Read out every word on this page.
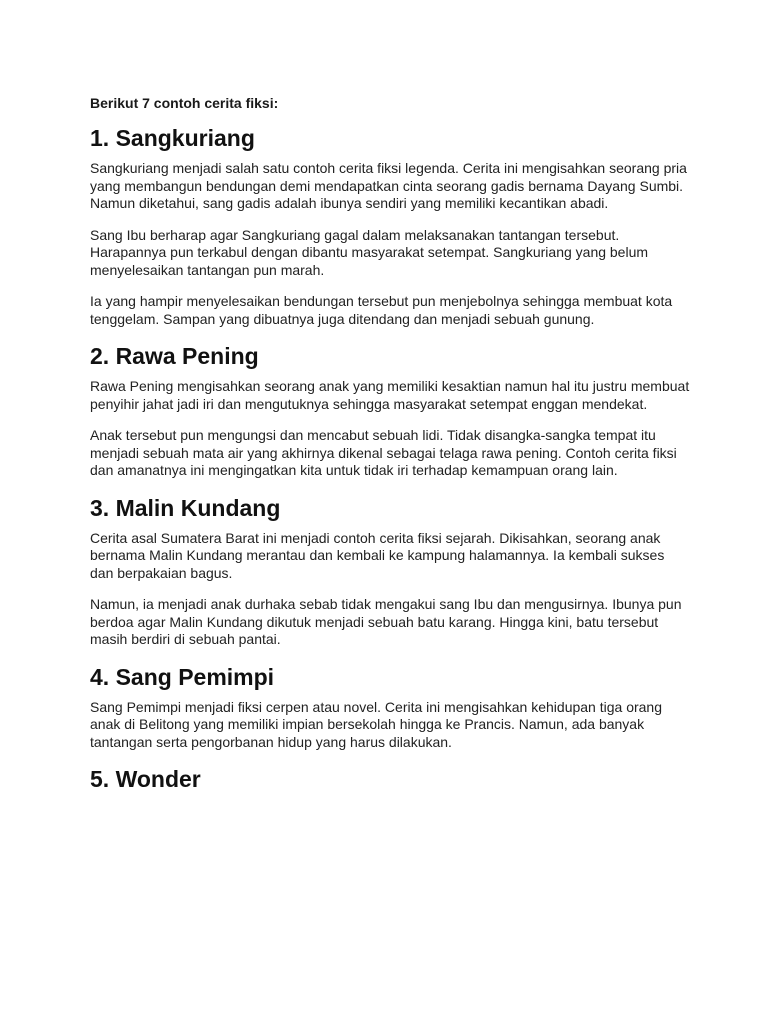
Berikut 7 contoh cerita fiksi:

1. Sangkuriang

Sangkuriang menjadi salah satu contoh cerita fiksi legenda. Cerita ini mengisahkan seorang pria yang membangun bendungan demi mendapatkan cinta seorang gadis bernama Dayang Sumbi. Namun diketahui, sang gadis adalah ibunya sendiri yang memiliki kecantikan abadi.

Sang Ibu berharap agar Sangkuriang gagal dalam melaksanakan tantangan tersebut. Harapannya pun terkabul dengan dibantu masyarakat setempat. Sangkuriang yang belum menyelesaikan tantangan pun marah.

Ia yang hampir menyelesaikan bendungan tersebut pun menjebolnya sehingga membuat kota tenggelam. Sampan yang dibuatnya juga ditendang dan menjadi sebuah gunung.

2. Rawa Pening

Rawa Pening mengisahkan seorang anak yang memiliki kesaktian namun hal itu justru membuat penyihir jahat jadi iri dan mengutuknya sehingga masyarakat setempat enggan mendekat.

Anak tersebut pun mengungsi dan mencabut sebuah lidi. Tidak disangka-sangka tempat itu menjadi sebuah mata air yang akhirnya dikenal sebagai telaga rawa pening. Contoh cerita fiksi dan amanatnya ini mengingatkan kita untuk tidak iri terhadap kemampuan orang lain.

3. Malin Kundang

Cerita asal Sumatera Barat ini menjadi contoh cerita fiksi sejarah. Dikisahkan, seorang anak bernama Malin Kundang merantau dan kembali ke kampung halamannya. Ia kembali sukses dan berpakaian bagus.

Namun, ia menjadi anak durhaka sebab tidak mengakui sang Ibu dan mengusirnya. Ibunya pun berdoa agar Malin Kundang dikutuk menjadi sebuah batu karang. Hingga kini, batu tersebut masih berdiri di sebuah pantai.

4. Sang Pemimpi

Sang Pemimpi menjadi fiksi cerpen atau novel. Cerita ini mengisahkan kehidupan tiga orang anak di Belitong yang memiliki impian bersekolah hingga ke Prancis. Namun, ada banyak tantangan serta pengorbanan hidup yang harus dilakukan.

5. Wonder
